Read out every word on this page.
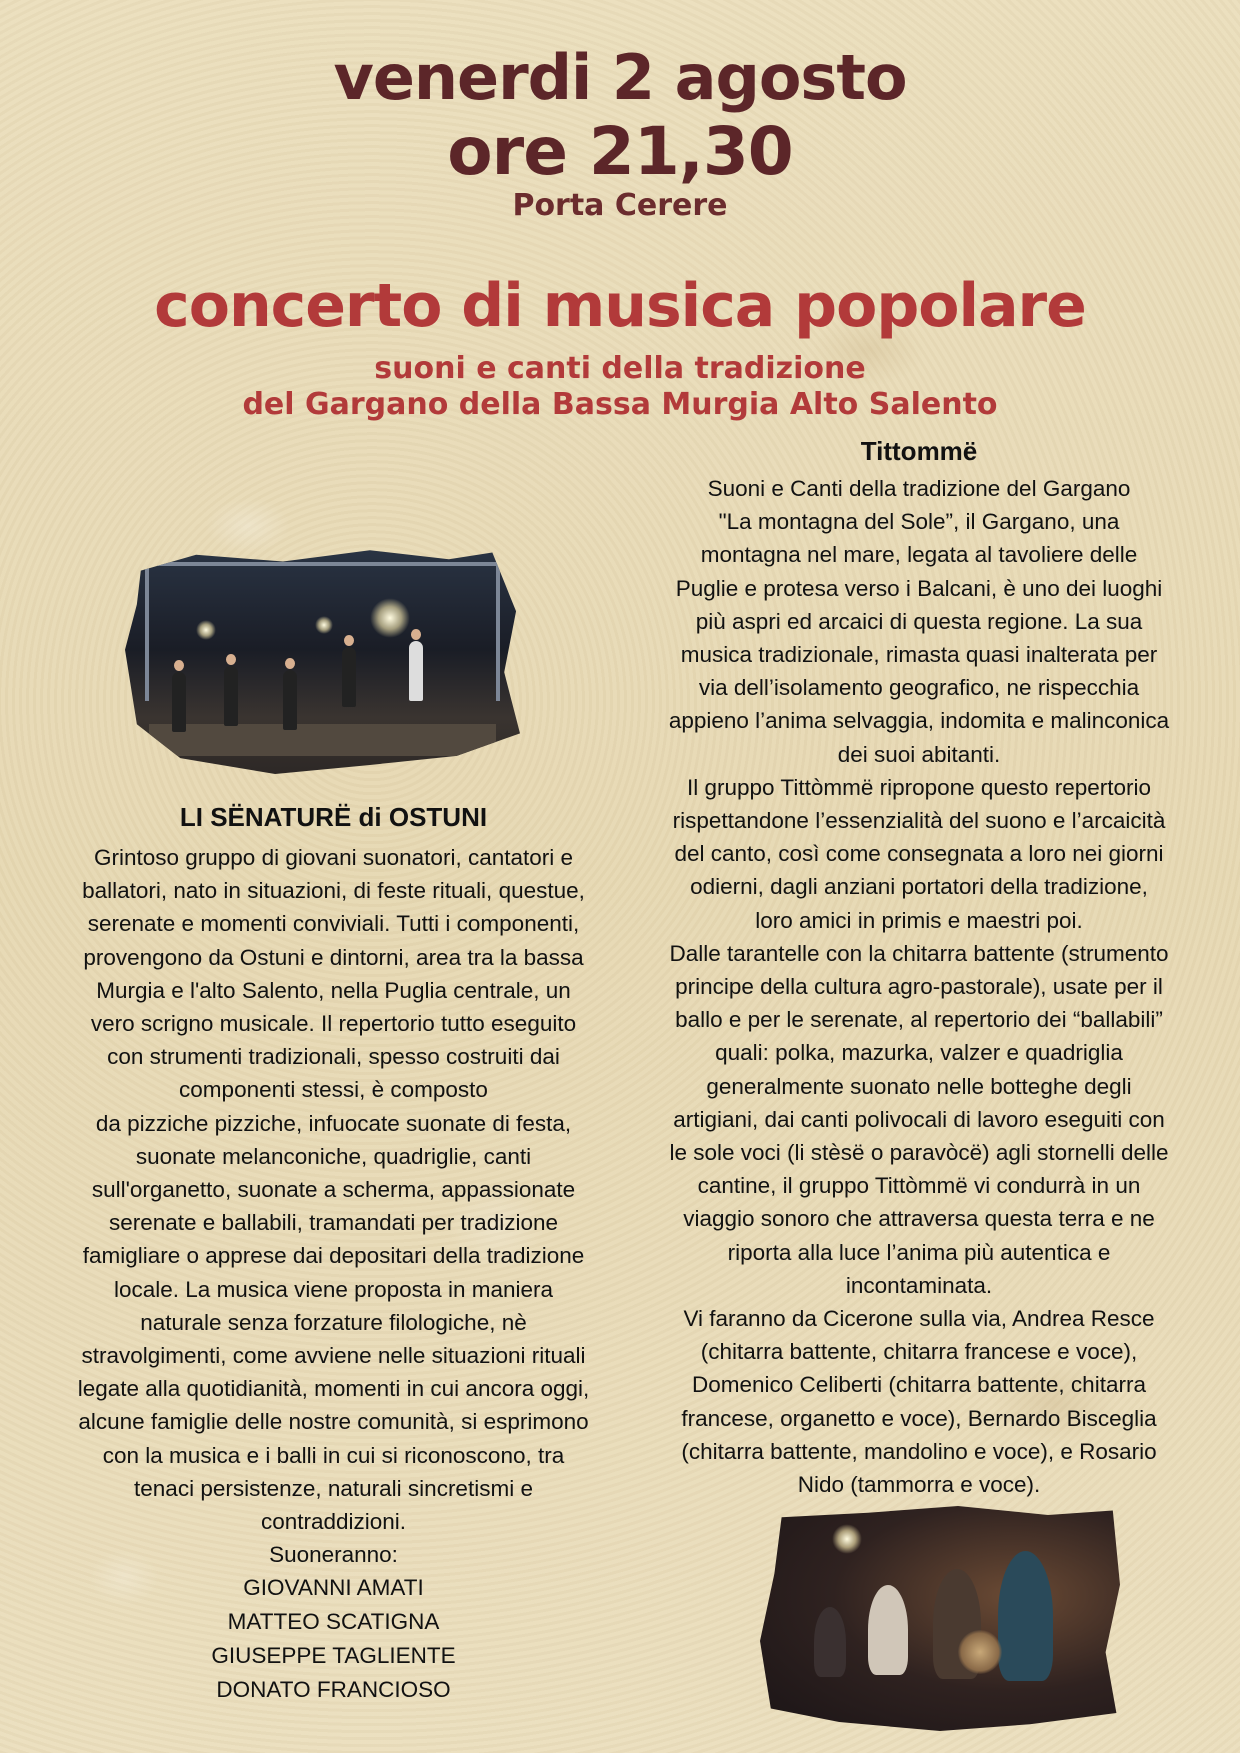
venerdi 2 agosto
ore 21,30
Porta Cerere
concerto di musica popolare
suoni e canti della tradizione
del Gargano della Bassa Murgia Alto Salento
LI SËNATURË di OSTUNI

Grintoso gruppo di giovani suonatori, cantatori e
ballatori, nato in situazioni, di feste rituali, questue,
serenate e momenti conviviali. Tutti i componenti,
provengono da Ostuni e dintorni, area tra la bassa
Murgia e l'alto Salento, nella Puglia centrale, un
vero scrigno musicale. Il repertorio tutto eseguito
con strumenti tradizionali, spesso costruiti dai
componenti stessi, è composto
da pizziche pizziche, infuocate suonate di festa,
suonate melanconiche, quadriglie, canti
sull'organetto, suonate a scherma, appassionate
serenate e ballabili, tramandati per tradizione
famigliare o apprese dai depositari della tradizione
locale. La musica viene proposta in maniera
naturale senza forzature filologiche, nè
stravolgimenti, come avviene nelle situazioni rituali
legate alla quotidianità, momenti in cui ancora oggi,
alcune famiglie delle nostre comunità, si esprimono
con la musica e i balli in cui si riconoscono, tra
tenaci persistenze, naturali sincretismi e
contraddizioni.

Suoneranno:

GIOVANNI AMATI
MATTEO SCATIGNA
GIUSEPPE TAGLIENTE
DONATO FRANCIOSO
Tittommë

Suoni e Canti della tradizione del Gargano
"La montagna del Sole”, il Gargano, una
montagna nel mare, legata al tavoliere delle
Puglie e protesa verso i Balcani, è uno dei luoghi
più aspri ed arcaici di questa regione. La sua
musica tradizionale, rimasta quasi inalterata per
via dell’isolamento geografico, ne rispecchia
appieno l’anima selvaggia, indomita e malinconica
dei suoi abitanti.
Il gruppo Tittòmmë ripropone questo repertorio
rispettandone l’essenzialità del suono e l’arcaicità
del canto, così come consegnata a loro nei giorni
odierni, dagli anziani portatori della tradizione,
loro amici in primis e maestri poi.
Dalle tarantelle con la chitarra battente (strumento
principe della cultura agro-pastorale), usate per il
ballo e per le serenate, al repertorio dei “ballabili”
quali: polka, mazurka, valzer e quadriglia
generalmente suonato nelle botteghe degli
artigiani, dai canti polivocali di lavoro eseguiti con
le sole voci (li stèsë o paravòcë) agli stornelli delle
cantine, il gruppo Tittòmmë vi condurrà in un
viaggio sonoro che attraversa questa terra e ne
riporta alla luce l’anima più autentica e
incontaminata.
Vi faranno da Cicerone sulla via, Andrea Resce
(chitarra battente, chitarra francese e voce),
Domenico Celiberti (chitarra battente, chitarra
francese, organetto e voce), Bernardo Bisceglia
(chitarra battente, mandolino e voce), e Rosario
Nido (tammorra e voce).
